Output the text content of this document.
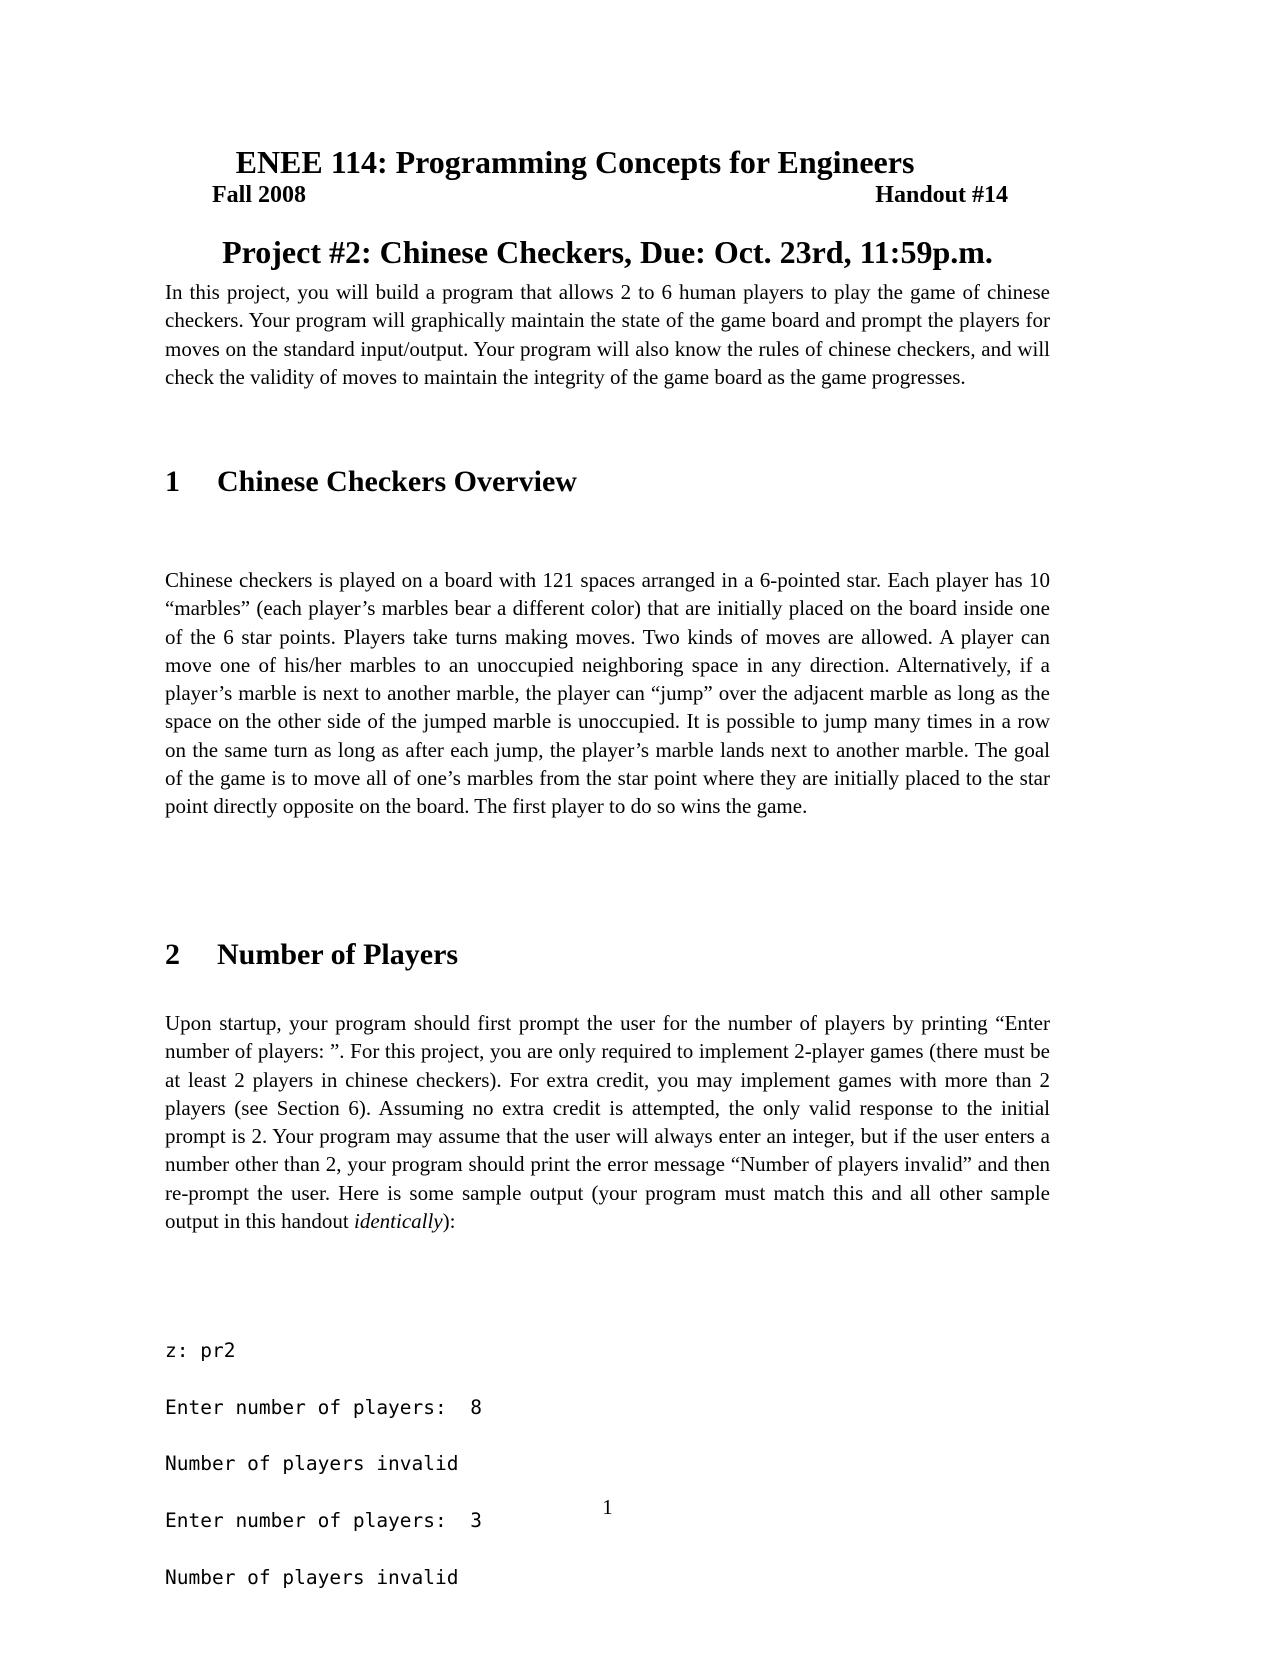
ENEE 114: Programming Concepts for Engineers
Fall 2008	Handout #14
Project #2: Chinese Checkers, Due: Oct. 23rd, 11:59p.m.

In this project, you will build a program that allows 2 to 6 human players to play the game of chinese checkers. Your program will graphically maintain the state of the game board and prompt the players for moves on the standard input/output. Your program will also know the rules of chinese checkers, and will check the validity of moves to maintain the integrity of the game board as the game progresses.

1 Chinese Checkers Overview

Chinese checkers is played on a board with 121 spaces arranged in a 6-pointed star. Each player has 10 “marbles” (each player’s marbles bear a different color) that are initially placed on the board inside one of the 6 star points. Players take turns making moves. Two kinds of moves are allowed. A player can move one of his/her marbles to an unoccupied neighboring space in any direction. Alternatively, if a player’s marble is next to another marble, the player can “jump” over the adjacent marble as long as the space on the other side of the jumped marble is unoccupied. It is possible to jump many times in a row on the same turn as long as after each jump, the player’s marble lands next to another marble. The goal of the game is to move all of one’s marbles from the star point where they are initially placed to the star point directly opposite on the board. The first player to do so wins the game.

2 Number of Players

Upon startup, your program should first prompt the user for the number of players by printing “Enter number of players: ”. For this project, you are only required to implement 2-player games (there must be at least 2 players in chinese checkers). For extra credit, you may implement games with more than 2 players (see Section 6). Assuming no extra credit is attempted, the only valid response to the initial prompt is 2. Your program may assume that the user will always enter an integer, but if the user enters a number other than 2, your program should print the error message “Number of players invalid” and then re-prompt the user. Here is some sample output (your program must match this and all other sample output in this handout identically):

z: pr2

Enter number of players:  8

Number of players invalid

Enter number of players:  3

Number of players invalid

1
